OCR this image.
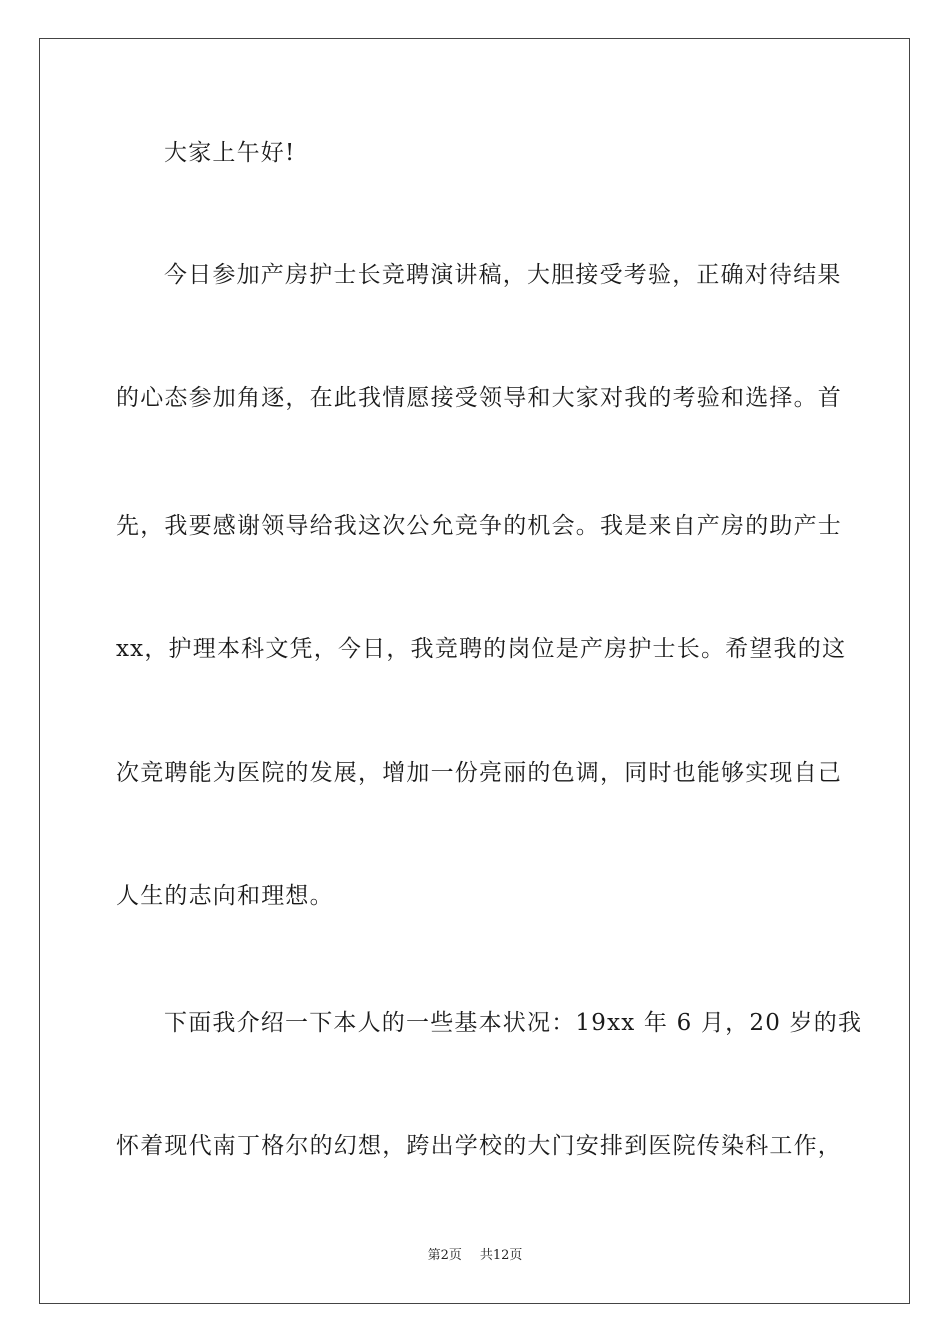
大家上午好!
今日参加产房护士长竞聘演讲稿，大胆接受考验，正确对待结果
的心态参加角逐，在此我情愿接受领导和大家对我的考验和选择。首
先，我要感谢领导给我这次公允竞争的机会。我是来自产房的助产士
xx，护理本科文凭，今日，我竞聘的岗位是产房护士长。希望我的这
次竞聘能为医院的发展，增加一份亮丽的色调，同时也能够实现自己
人生的志向和理想。
下面我介绍一下本人的一些基本状况：19xx 年 6 月，20 岁的我
怀着现代南丁格尔的幻想，跨出学校的大门安排到医院传染科工作，
第2页 共12页
